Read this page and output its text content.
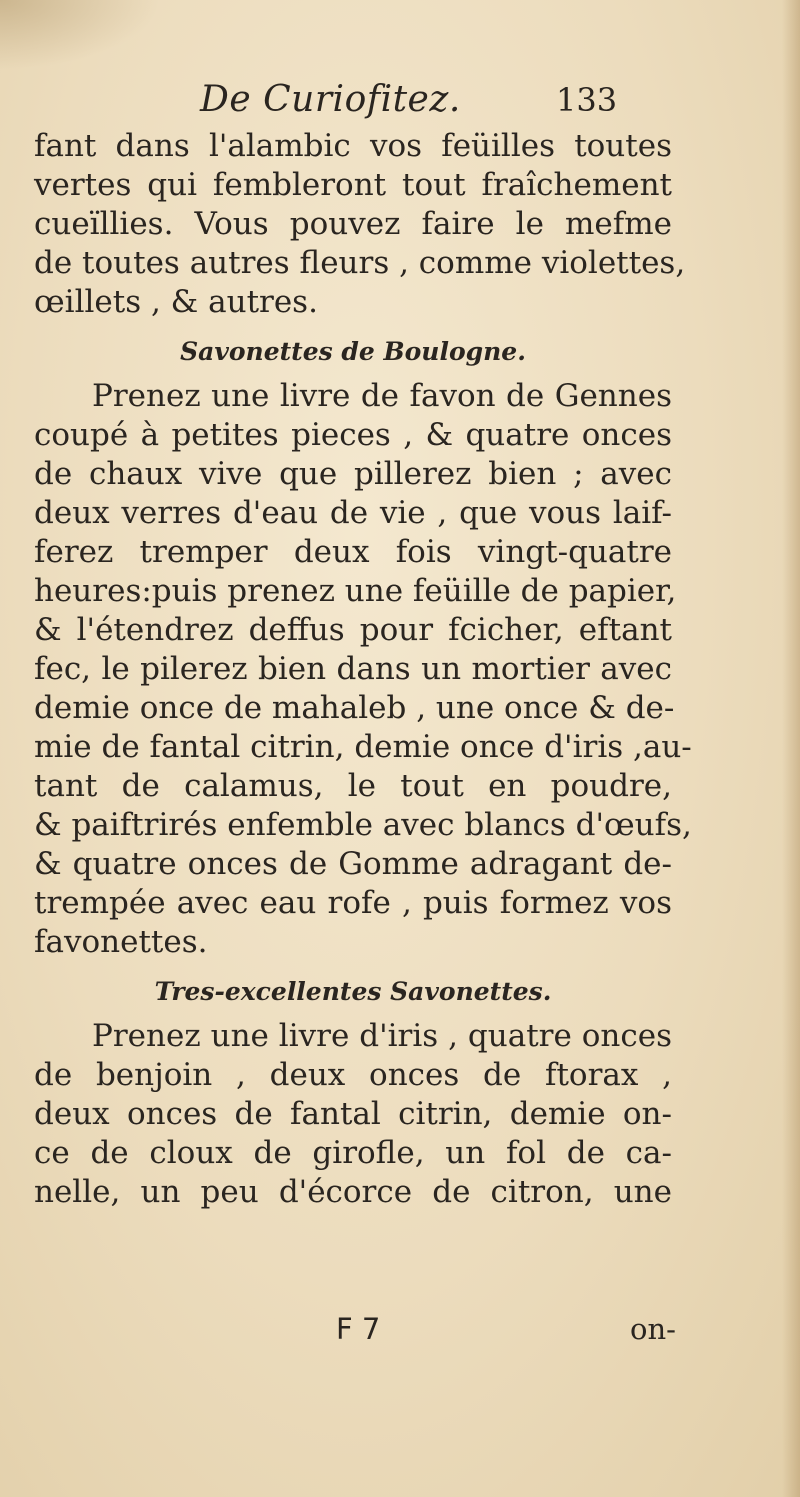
De Curiofitez.	133
fant dans l'alambic vos feüilles toutes
vertes qui fembleront tout fraîchement
cueïllies. Vous pouvez faire le mefme
de toutes autres fleurs , comme violettes,
œillets , & autres.
Savonettes de Boulogne.
Prenez une livre de favon de Gennes
coupé à petites pieces , & quatre onces
de chaux vive que pillerez bien ; avec
deux verres d'eau de vie , que vous laif-
ferez tremper deux fois vingt-quatre
heures:puis prenez une feüille de papier,
& l'étendrez deffus pour fcicher, eftant
fec, le pilerez bien dans un mortier avec
demie once de mahaleb , une once & de-
mie de fantal citrin, demie once d'iris ,au-
tant de calamus, le tout en poudre,
& paiftrirés enfemble avec blancs d'œufs,
& quatre onces de Gomme adragant de-
trempée avec eau rofe , puis formez vos
favonettes.
Tres-excellentes Savonettes.
Prenez une livre d'iris , quatre onces
de benjoin , deux onces de ftorax ,
deux onces de fantal citrin, demie on-
ce de cloux de girofle, un fol de ca-
nelle, un peu d'écorce de citron, une
F 7	on-
